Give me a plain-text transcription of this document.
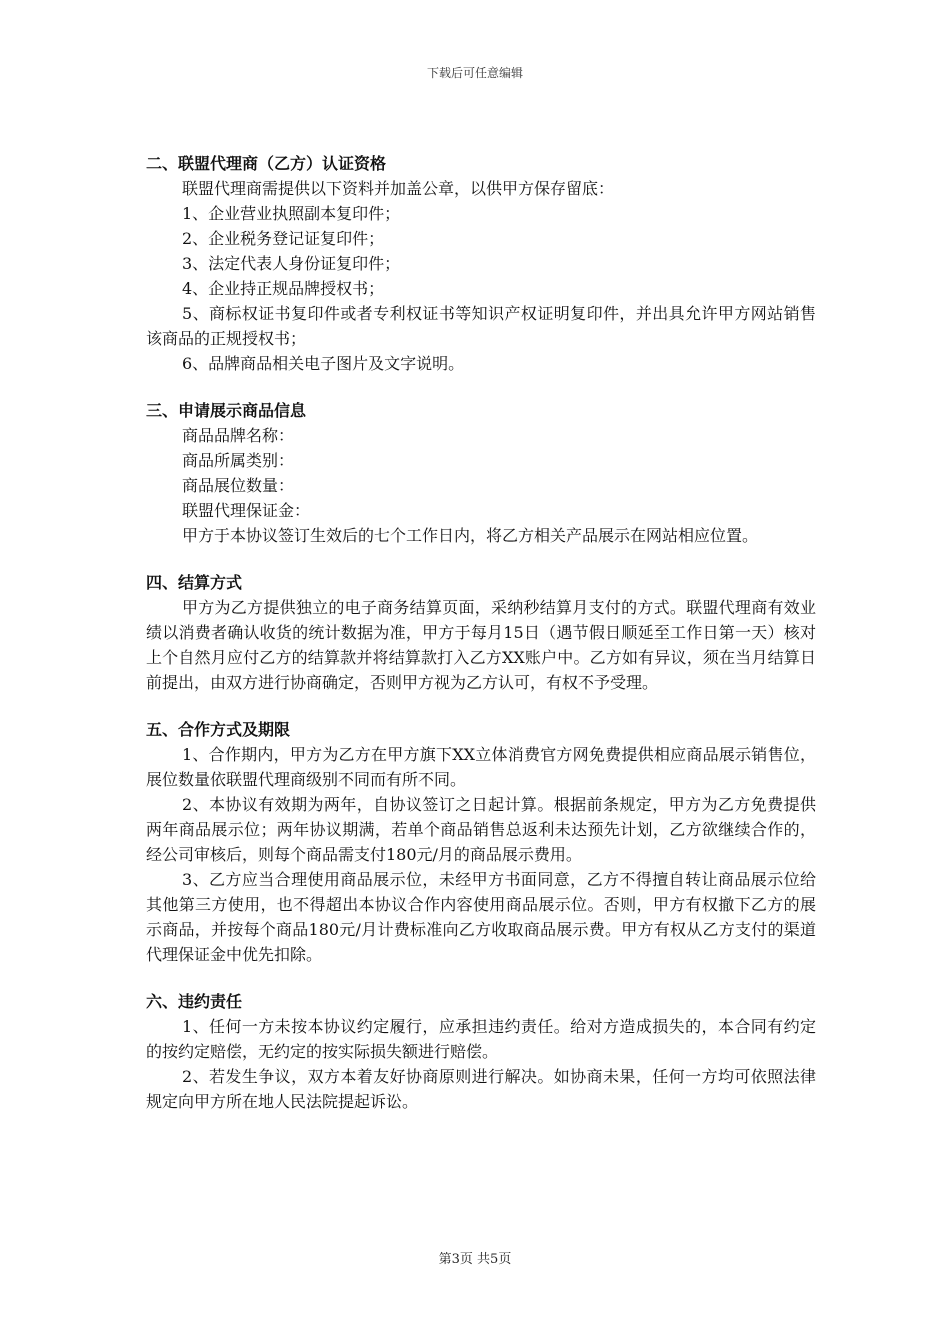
下载后可任意编辑
二、联盟代理商（乙方）认证资格

联盟代理商需提供以下资料并加盖公章，以供甲方保存留底：

1、企业营业执照副本复印件；

2、企业税务登记证复印件；

3、法定代表人身份证复印件；

4、企业持正规品牌授权书；

5、商标权证书复印件或者专利权证书等知识产权证明复印件，并出具允许甲方网站销售该商品的正规授权书；

6、品牌商品相关电子图片及文字说明。

三、申请展示商品信息

商品品牌名称：

商品所属类别：

商品展位数量：

联盟代理保证金：

甲方于本协议签订生效后的七个工作日内，将乙方相关产品展示在网站相应位置。

四、结算方式

甲方为乙方提供独立的电子商务结算页面，采纳秒结算月支付的方式。联盟代理商有效业绩以消费者确认收货的统计数据为准，甲方于每月15日（遇节假日顺延至工作日第一天）核对上个自然月应付乙方的结算款并将结算款打入乙方XX账户中。乙方如有异议，须在当月结算日前提出，由双方进行协商确定，否则甲方视为乙方认可，有权不予受理。

五、合作方式及期限

1、合作期内，甲方为乙方在甲方旗下XX立体消费官方网免费提供相应商品展示销售位，展位数量依联盟代理商级别不同而有所不同。

2、本协议有效期为两年，自协议签订之日起计算。根据前条规定，甲方为乙方免费提供两年商品展示位；两年协议期满，若单个商品销售总返利未达预先计划，乙方欲继续合作的，经公司审核后，则每个商品需支付180元/月的商品展示费用。

3、乙方应当合理使用商品展示位，未经甲方书面同意，乙方不得擅自转让商品展示位给其他第三方使用，也不得超出本协议合作内容使用商品展示位。否则，甲方有权撤下乙方的展示商品，并按每个商品180元/月计费标准向乙方收取商品展示费。甲方有权从乙方支付的渠道代理保证金中优先扣除。

六、违约责任

1、任何一方未按本协议约定履行，应承担违约责任。给对方造成损失的，本合同有约定的按约定赔偿，无约定的按实际损失额进行赔偿。

2、若发生争议，双方本着友好协商原则进行解决。如协商未果，任何一方均可依照法律规定向甲方所在地人民法院提起诉讼。

第3页 共5页
